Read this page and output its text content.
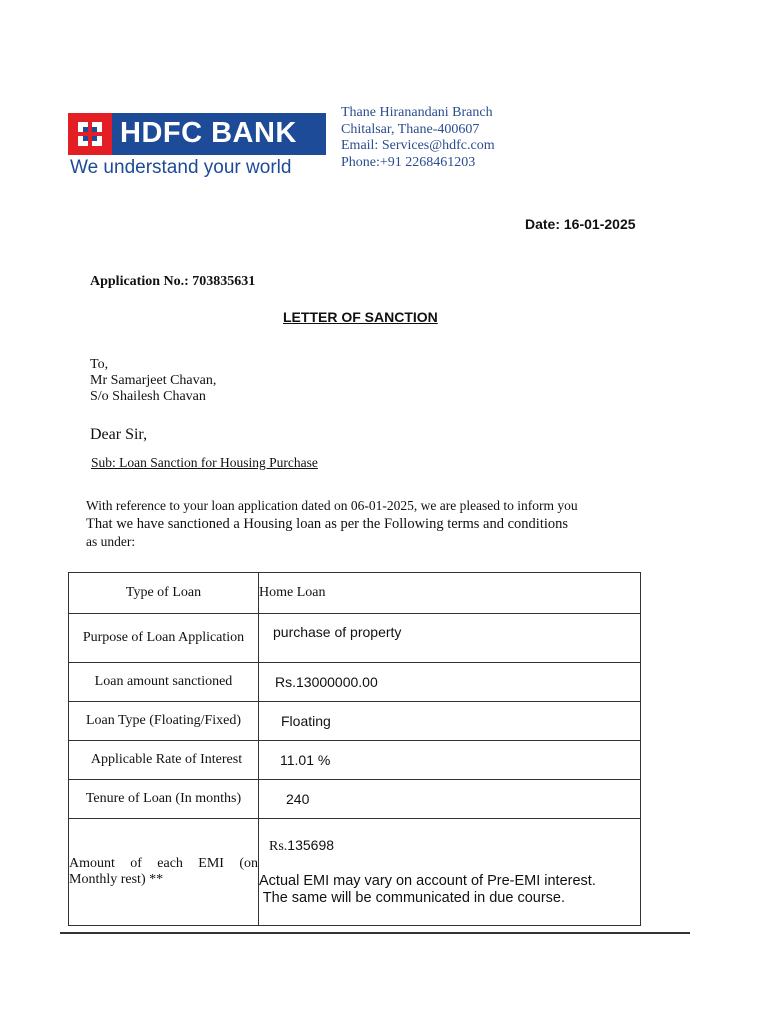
HDFC BANK
We understand your world
Thane Hiranandani Branch
Chitalsar, Thane-400607
Email: Services@hdfc.com
Phone:+91 2268461203
Date: 16-01-2025
Application No.: 703835631
LETTER OF SANCTION
To,
Mr Samarjeet Chavan,
S/o Shailesh Chavan
Dear Sir,
Sub: Loan Sanction for Housing Purchase
With reference to your loan application dated on 06-01-2025, we are pleased to inform you
That we have sanctioned a Housing loan as per the Following terms and conditions
as under:
Type of Loan	Home Loan
Purpose of Loan Application	purchase of property
Loan amount sanctioned	Rs.13000000.00
Loan Type (Floating/Fixed)	Floating
Applicable Rate of Interest	11.01 %
Tenure of Loan (In months)	240
Amount of each EMI (on Monthly rest) **	Rs.135698
Actual EMI may vary on account of Pre-EMI interest.
The same will be communicated in due course.
